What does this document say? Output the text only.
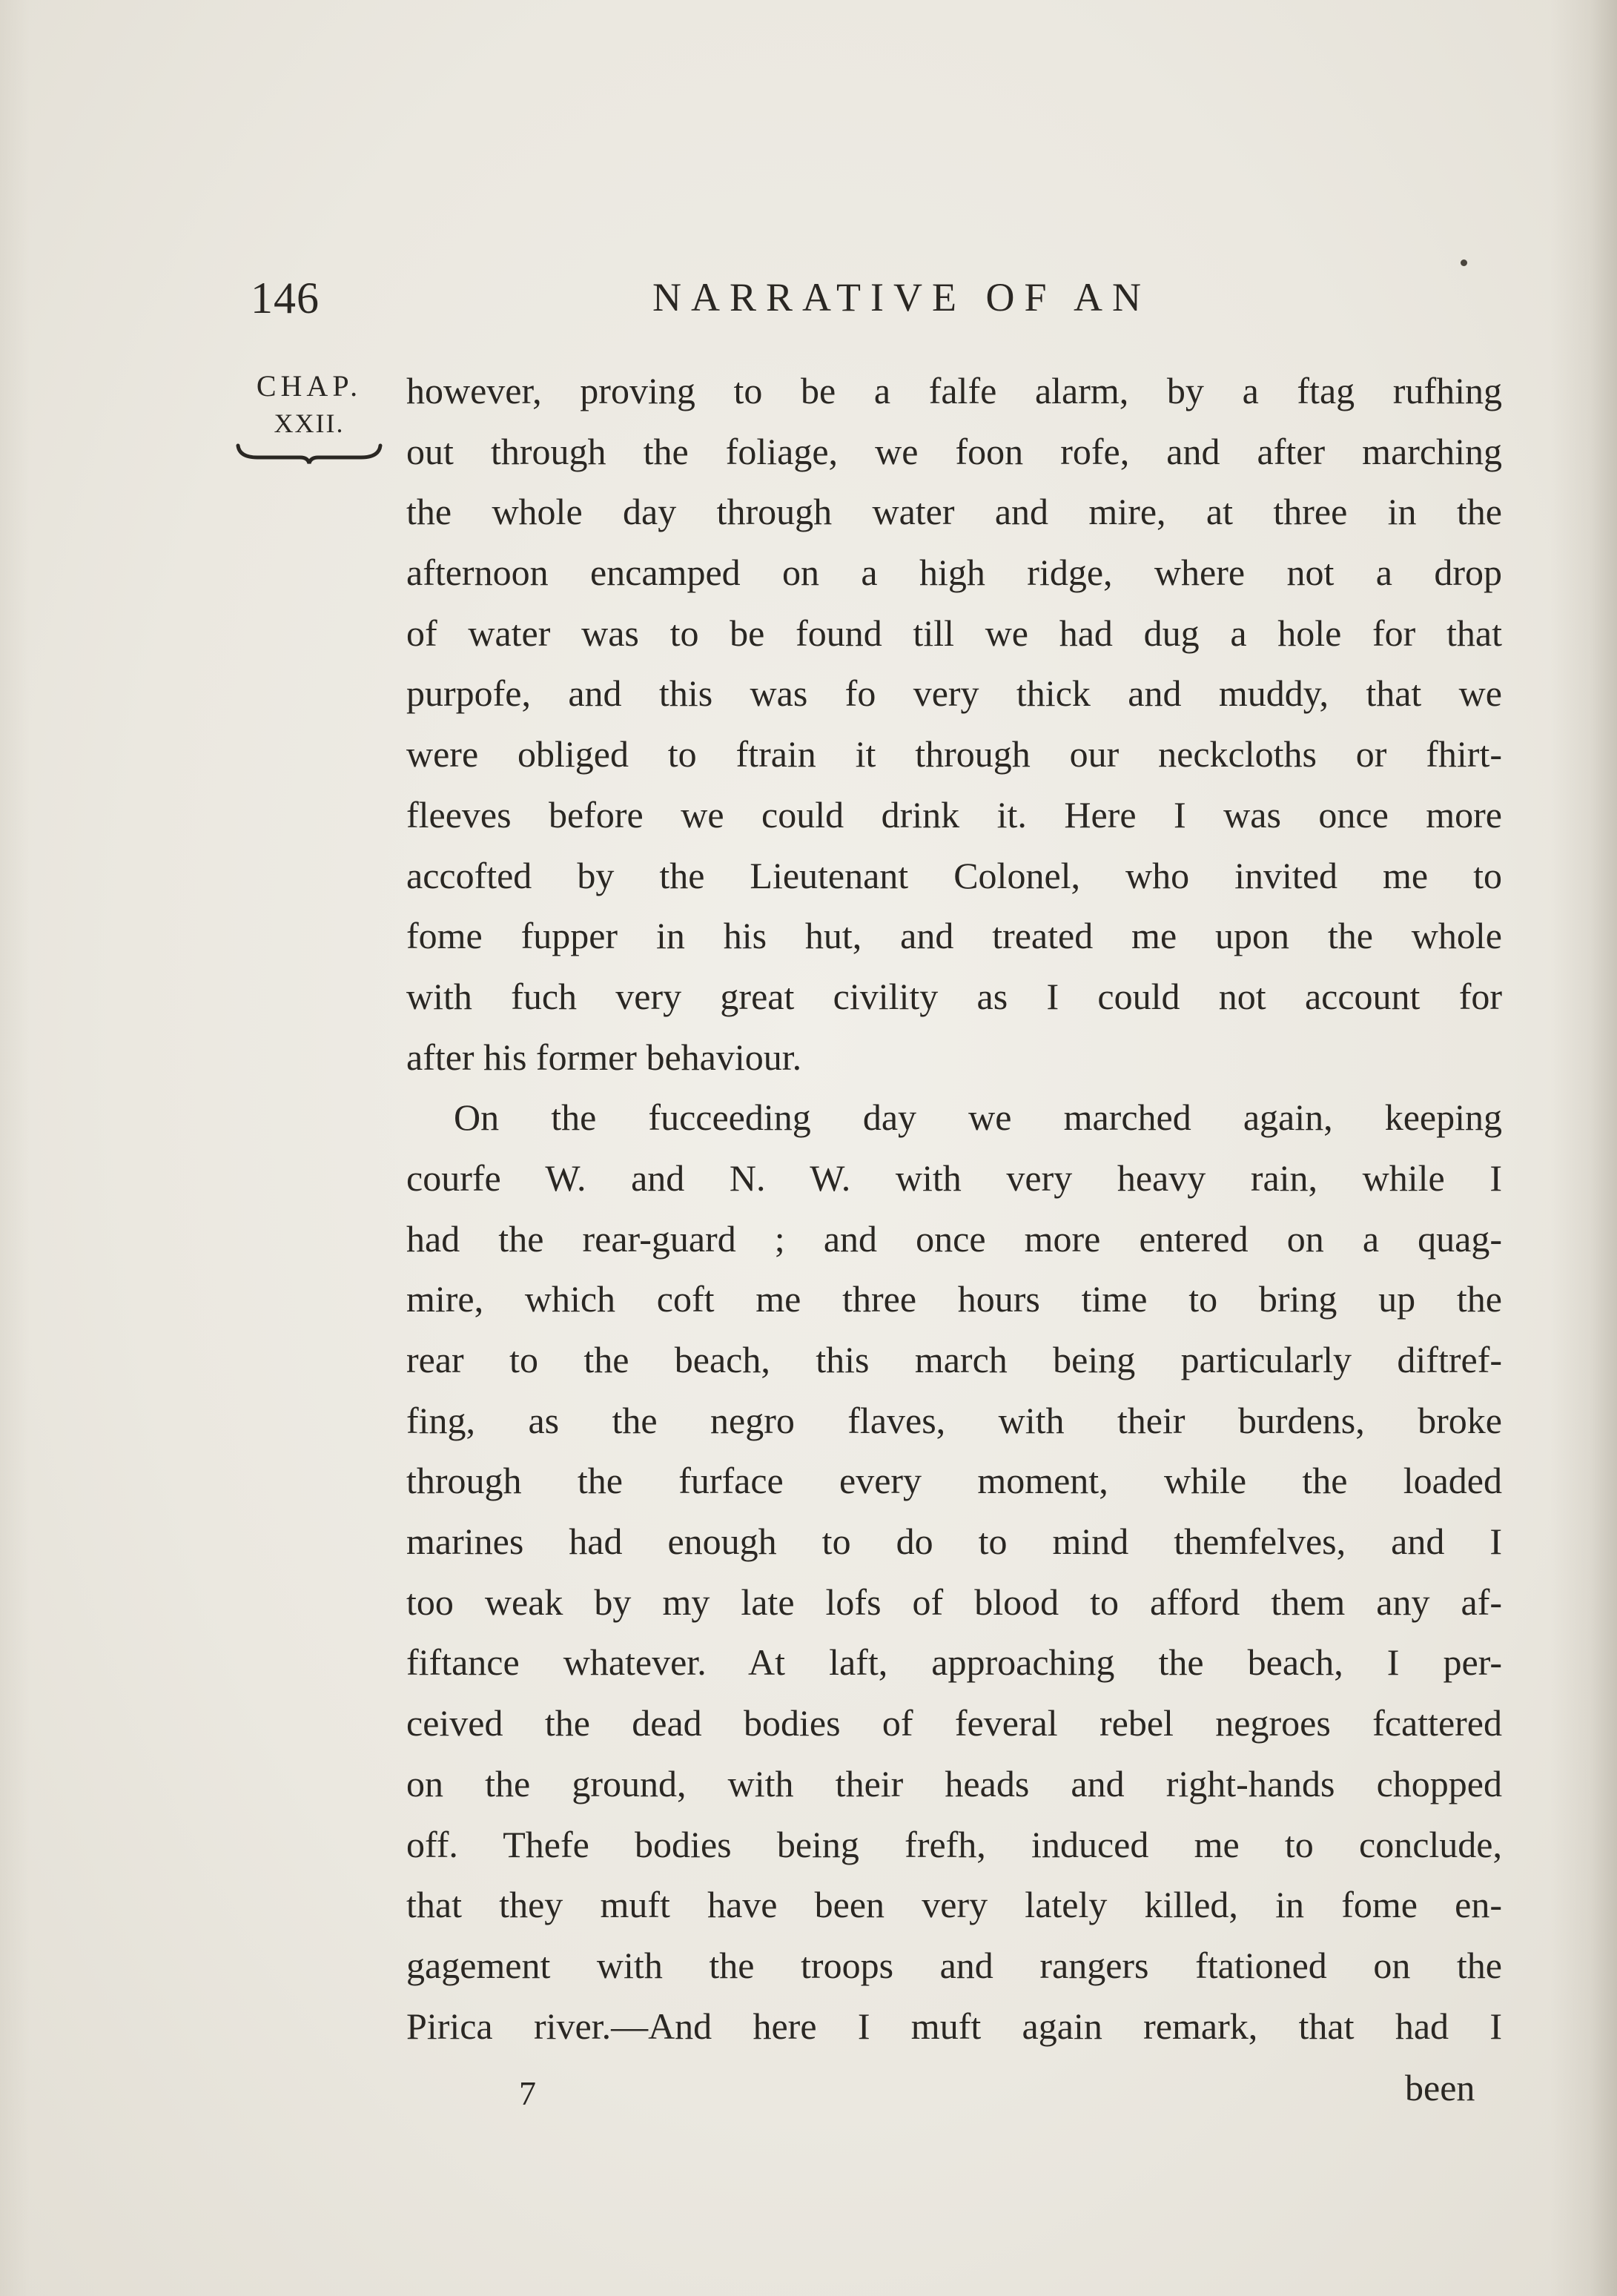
146	NARRATIVE OF AN
CHAP.
XXII.
however, proving to be a falfe alarm, by a ftag rufhing
out through the foliage, we foon rofe, and after marching
the whole day through water and mire, at three in the
afternoon encamped on a high ridge, where not a drop
of water was to be found till we had dug a hole for that
purpofe, and this was fo very thick and muddy, that we
were obliged to ftrain it through our neckcloths or fhirt-
fleeves before we could drink it. Here I was once more
accofted by the Lieutenant Colonel, who invited me to
fome fupper in his hut, and treated me upon the whole
with fuch very great civility as I could not account for
after his former behaviour.
On the fucceeding day we marched again, keeping
courfe W. and N. W. with very heavy rain, while I
had the rear-guard ; and once more entered on a quag-
mire, which coft me three hours time to bring up the
rear to the beach, this march being particularly diftref-
fing, as the negro flaves, with their burdens, broke
through the furface every moment, while the loaded
marines had enough to do to mind themfelves, and I
too weak by my late lofs of blood to afford them any af-
fiftance whatever. At laft, approaching the beach, I per-
ceived the dead bodies of feveral rebel negroes fcattered
on the ground, with their heads and right-hands chopped
off. Thefe bodies being frefh, induced me to conclude,
that they muft have been very lately killed, in fome en-
gagement with the troops and rangers ftationed on the
Pirica river.—And here I muft again remark, that had I
7	been
